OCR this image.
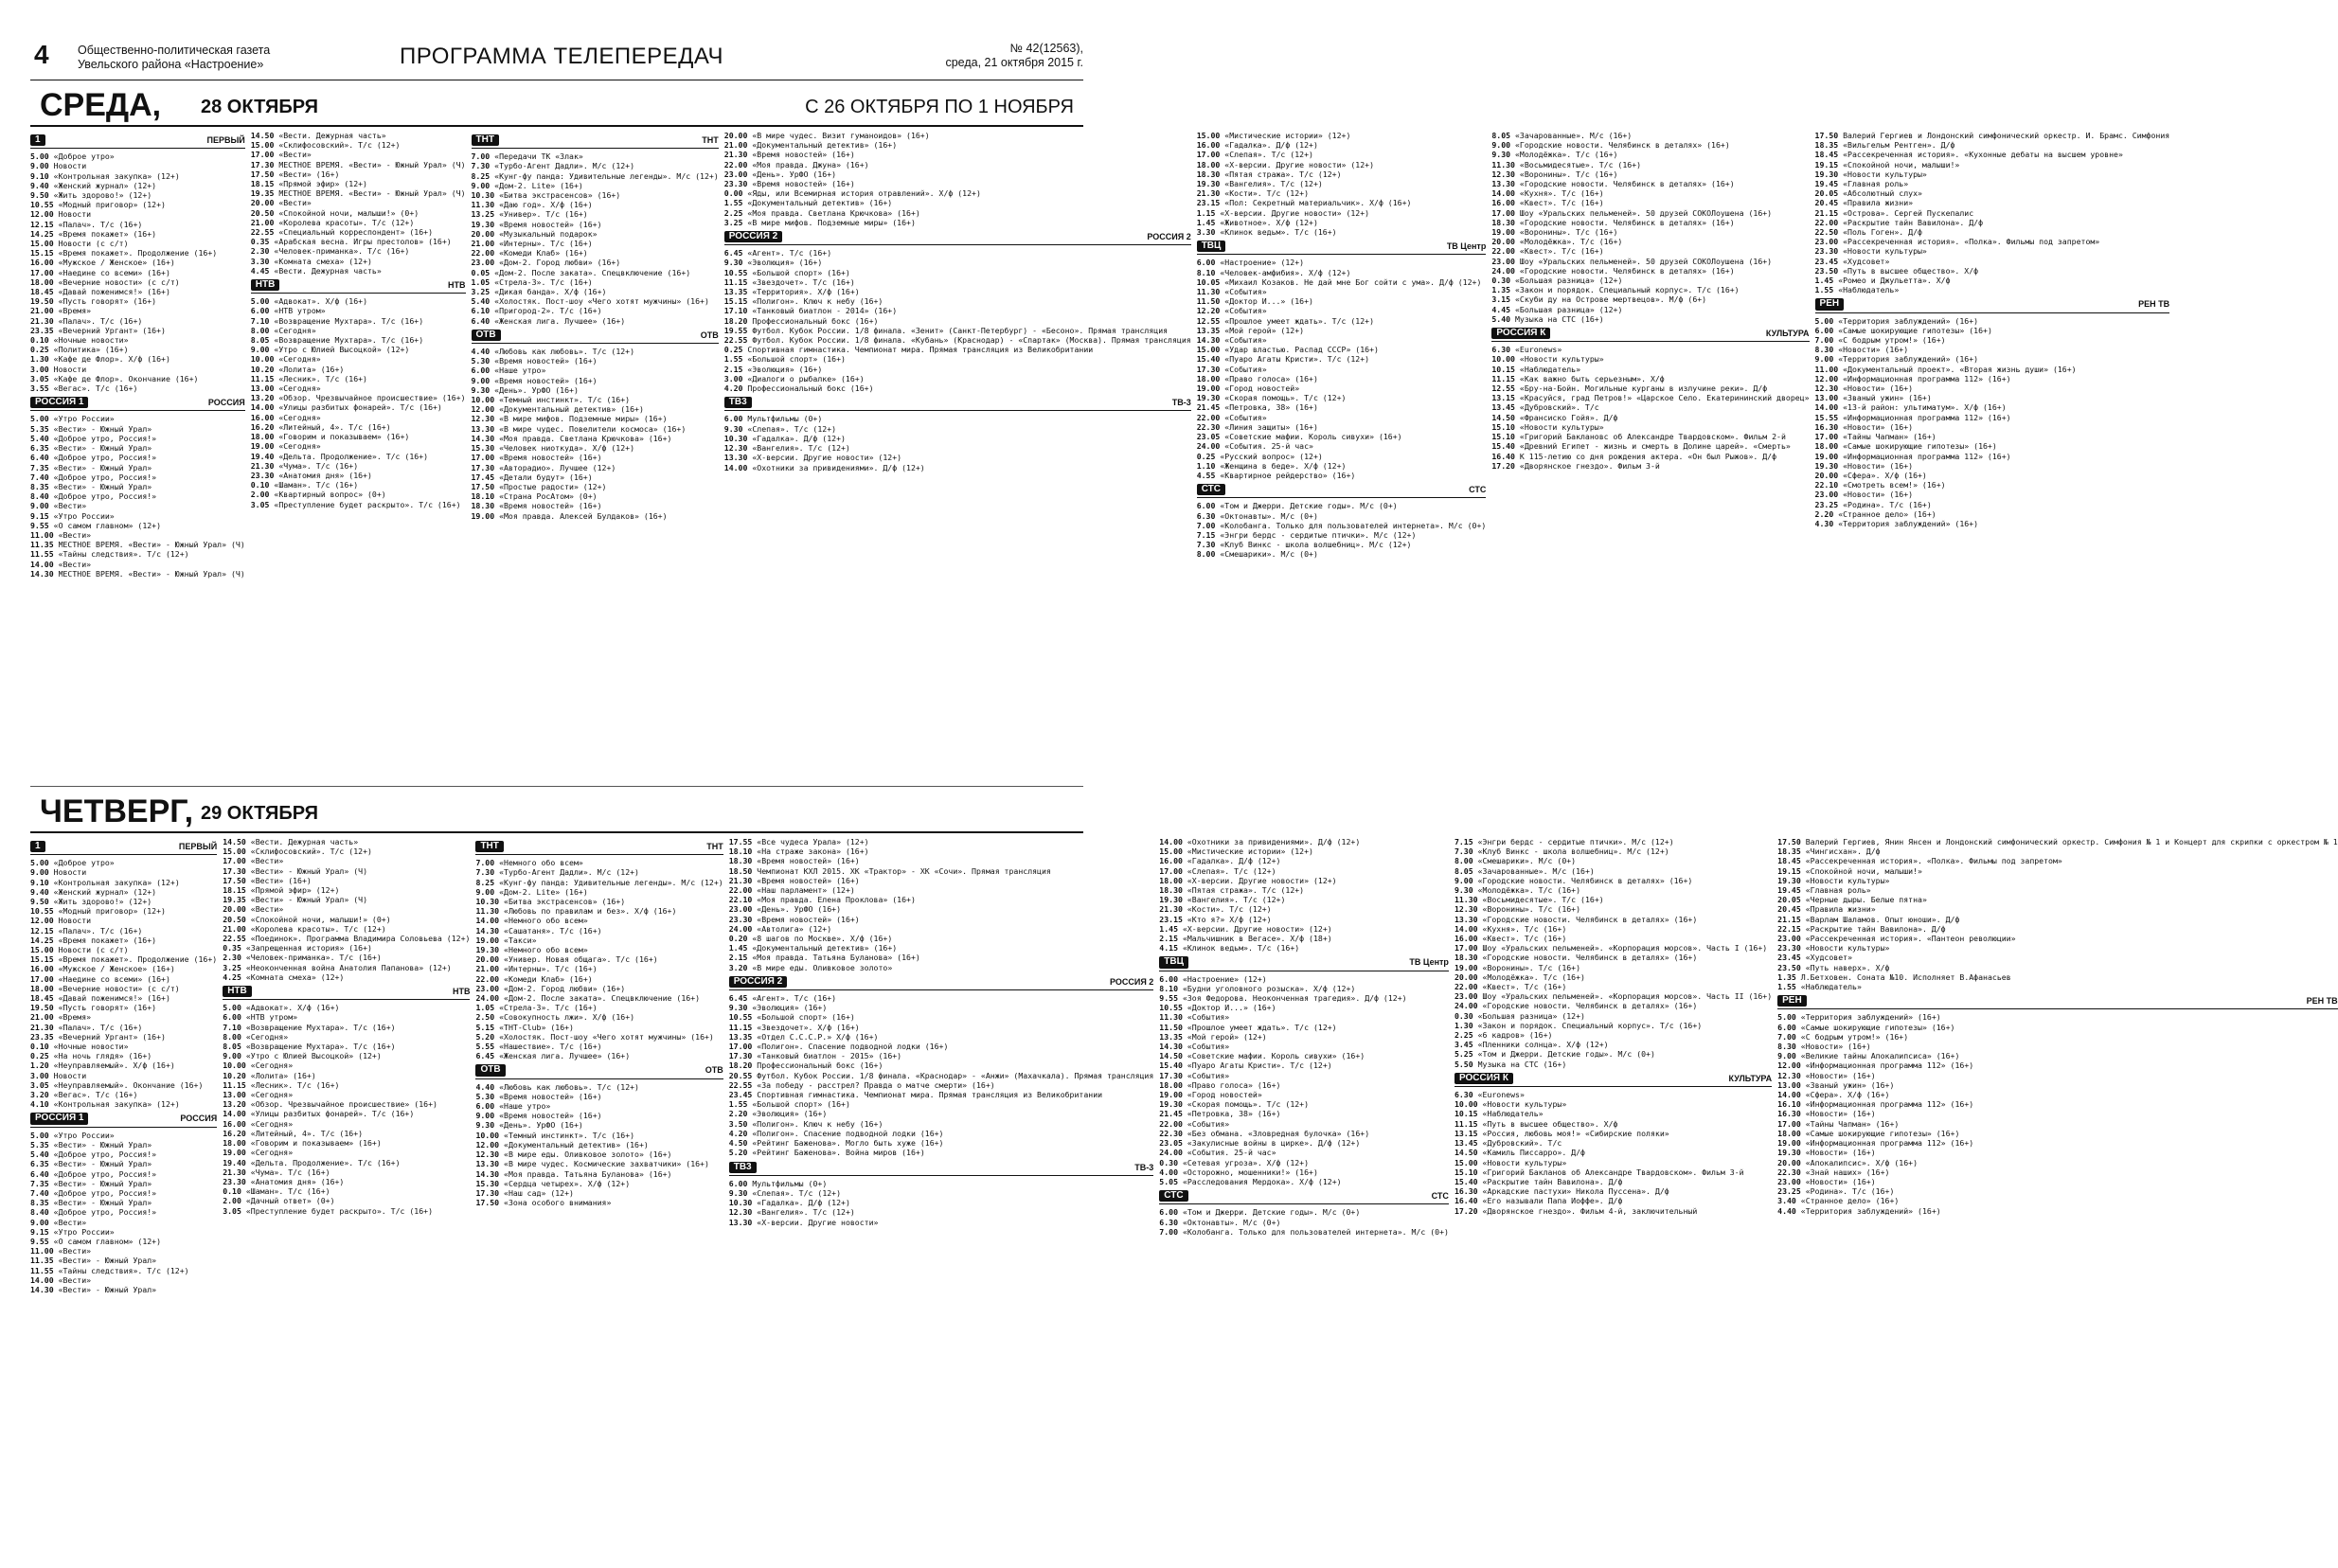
4 Общественно-политическая газета
Увельского района «Настроение»	ПРОГРАММА ТЕЛЕПЕРЕДАЧ	№ 42(12563),
среда, 21 октября 2015 г.
СРЕДА, 28 ОКТЯБРЯ	С 26 ОКТЯБРЯ ПО 1 НОЯБРЯ
1	ПЕРВЫЙ
5.00 «Доброе утро»
9.00 Новости
9.10 «Контрольная закупка» (12+)
9.40 «Женский журнал» (12+)
9.50 «Жить здорово!» (12+)
10.55 «Модный приговор» (12+)
12.00 Новости
12.15 «Палач». Т/с (16+)
14.25 «Время покажет» (16+)
15.00 Новости (с с/т)
15.15 «Время покажет». Продолжение (16+)
16.00 «Мужское / Женское» (16+)
17.00 «Наедине со всеми» (16+)
18.00 «Вечерние новости» (с с/т)
18.45 «Давай поженимся!» (16+)
19.50 «Пусть говорят» (16+)
21.00 «Время»
21.30 «Палач». Т/с (16+)
23.35 «Вечерний Ургант» (16+)
0.10 «Ночные новости»
0.25 «Политика» (16+)
1.30 «Кафе де Флор». Х/ф (16+)
3.00 Новости
3.05 «Кафе де Флор». Окончание (16+)
3.55 «Вегас». Т/с (16+)
РОССИЯ 1	РОССИЯ
5.00 «Утро России»
5.35 «Вести» - Южный Урал»
5.40 «Доброе утро, Россия!»
6.35 «Вести» - Южный Урал»
6.40 «Доброе утро, Россия!»
7.35 «Вести» - Южный Урал»
7.40 «Доброе утро, Россия!»
8.35 «Вести» - Южный Урал»
8.40 «Доброе утро, Россия!»
9.00 «Вести»
9.15 «Утро России»
9.55 «О самом главном» (12+)
11.00 «Вести»
11.35 МЕСТНОЕ ВРЕМЯ. «Вести» - Южный Урал» (Ч)
11.55 «Тайны следствия». Т/с (12+)
14.00 «Вести»
14.30 МЕСТНОЕ ВРЕМЯ. «Вести» - Южный Урал» (Ч)
14.50 «Вести. Дежурная часть»
15.00 «Склифосовский». Т/с (12+)
17.00 «Вести»
17.30 МЕСТНОЕ ВРЕМЯ. «Вести» - Южный Урал» (Ч)
17.50 «Вести» (16+)
18.15 «Прямой эфир» (12+)
19.35 МЕСТНОЕ ВРЕМЯ. «Вести» - Южный Урал» (Ч)
20.00 «Вести»
20.50 «Спокойной ночи, малыши!» (0+)
21.00 «Королева красоты». Т/с (12+)
22.55 «Специальный корреспондент» (16+)
0.35 «Арабская весна. Игры престолов» (16+)
2.30 «Человек-приманка». Т/с (16+)
3.30 «Комната смеха» (12+)
4.45 «Вести. Дежурная часть»
НТВ	НТВ
5.00 «Адвокат». Х/ф (16+)
6.00 «НТВ утром»
7.10 «Возвращение Мухтара». Т/с (16+)
8.00 «Сегодня»
8.05 «Возвращение Мухтара». Т/с (16+)
9.00 «Утро с Юлией Высоцкой» (12+)
10.00 «Сегодня»
10.20 «Лолита» (16+)
11.15 «Лесник». Т/с (16+)
13.00 «Сегодня»
13.20 «Обзор. Чрезвычайное происшествие» (16+)
14.00 «Улицы разбитых фонарей». Т/с (16+)
16.00 «Сегодня»
16.20 «Литейный, 4». Т/с (16+)
18.00 «Говорим и показываем» (16+)
19.00 «Сегодня»
19.40 «Дельта. Продолжение». Т/с (16+)
21.30 «Чума». Т/с (16+)
23.30 «Анатомия дня» (16+)
0.10 «Шаман». Т/с (16+)
2.00 «Квартирный вопрос» (0+)
3.05 «Преступление будет раскрыто». Т/с (16+)
ТНТ	ТНТ
7.00 «Передачи ТК «Злак»
7.30 «Турбо-Агент Дадли». М/с (12+)
8.25 «Кунг-фу панда: Удивительные легенды». М/с (12+)
9.00 «Дом-2. Lite» (16+)
10.30 «Битва экстрасенсов» (16+)
11.30 «Даю год». Х/ф (16+)
13.25 «Универ». Т/с (16+)
19.30 «Время новостей» (16+)
20.00 «Музыкальный подарок»
21.00 «Интерны». Т/с (16+)
22.00 «Комеди Клаб» (16+)
23.00 «Дом-2. Город любви» (16+)
0.05 «Дом-2. После заката». Спецвключение (16+)
1.05 «Стрела-3». Т/с (16+)
3.25 «Дикая банда». Х/ф (16+)
5.40 «Холостяк. Пост-шоу «Чего хотят мужчины» (16+)
6.10 «Пригород-2». Т/с (16+)
6.40 «Женская лига. Лучшее» (16+)
ОТВ	ОТВ
4.40 «Любовь как любовь». Т/с (12+)
5.30 «Время новостей» (16+)
6.00 «Наше утро»
9.00 «Время новостей» (16+)
9.30 «День». УрФО (16+)
10.00 «Темный инстинкт». Т/с (16+)
12.00 «Документальный детектив» (16+)
12.30 «В мире мифов. Подземные миры» (16+)
13.30 «В мире чудес. Повелители космоса» (16+)
14.30 «Моя правда. Светлана Крючкова» (16+)
15.30 «Человек ниоткуда». Х/ф (12+)
17.00 «Время новостей» (16+)
17.30 «Авторадио». Лучшее (12+)
17.45 «Детали будут» (16+)
17.50 «Простые радости» (12+)
18.10 «Страна РосАтом» (0+)
18.30 «Время новостей» (16+)
19.00 «Моя правда. Алексей Булдаков» (16+)
20.00 «В мире чудес. Визит гуманоидов» (16+)
21.00 «Документальный детектив» (16+)
21.30 «Время новостей» (16+)
22.00 «Моя правда. Джуна» (16+)
23.00 «День». УрФО (16+)
23.30 «Время новостей» (16+)
0.00 «Яды, или Всемирная история отравлений». Х/ф (12+)
1.55 «Документальный детектив» (16+)
2.25 «Моя правда. Светлана Крючкова» (16+)
3.25 «В мире мифов. Подземные миры» (16+)
РОССИЯ 2	РОССИЯ 2
6.45 «Агент». Т/с (16+)
9.30 «Эволюция» (16+)
10.55 «Большой спорт» (16+)
11.15 «Звездочет». Т/с (16+)
13.35 «Территория». Х/ф (16+)
15.15 «Полигон». Ключ к небу (16+)
17.10 «Танковый биатлон - 2014» (16+)
18.20 Профессиональный бокс (16+)
19.55 Футбол. Кубок России. 1/8 финала. «Зенит» (Санкт-Петербург) - «Бесоно». Прямая трансляция
22.55 Футбол. Кубок России. 1/8 финала. «Кубань» (Краснодар) - «Спартак» (Москва). Прямая трансляция
0.25 Спортивная гимнастика. Чемпионат мира. Прямая трансляция из Великобритании
1.55 «Большой спорт» (16+)
2.15 «Эволюция» (16+)
3.00 «Диалоги о рыбалке» (16+)
4.20 Профессиональный бокс (16+)
ТВ3	ТВ-3
6.00 Мультфильмы (0+)
9.30 «Слепая». Т/с (12+)
10.30 «Гадалка». Д/ф (12+)
12.30 «Вангелия». Т/с (12+)
13.30 «Х-версии. Другие новости» (12+)
14.00 «Охотники за привидениями». Д/ф (12+)
15.00 «Мистические истории» (12+)
16.00 «Гадалка». Д/ф (12+)
17.00 «Слепая». Т/с (12+)
18.00 «Х-версии. Другие новости» (12+)
18.30 «Пятая стража». Т/с (12+)
19.30 «Вангелия». Т/с (12+)
21.30 «Кости». Т/с (12+)
23.15 «Пол: Секретный материальчик». Х/ф (16+)
1.15 «Х-версии. Другие новости» (12+)
1.45 «Животное». Х/ф (12+)
3.30 «Клинок ведьм». Т/с (16+)
ТВЦ	ТВ Центр
6.00 «Настроение» (12+)
8.10 «Человек-амфибия». Х/ф (12+)
10.05 «Михаил Козаков. Не дай мне Бог сойти с ума». Д/ф (12+)
11.30 «События»
11.50 «Доктор И...» (16+)
12.20 «События»
12.55 «Прошлое умеет ждать». Т/с (12+)
13.35 «Мой герой» (12+)
14.30 «События»
15.00 «Удар властью. Распад СССР» (16+)
15.40 «Пуаро Агаты Кристи». Т/с (12+)
17.30 «События»
18.00 «Право голоса» (16+)
19.00 «Город новостей»
19.30 «Скорая помощь». Т/с (12+)
21.45 «Петровка, 38» (16+)
22.00 «События»
22.30 «Линия защиты» (16+)
23.05 «Советские мафии. Король сивухи» (16+)
24.00 «События. 25-й час»
0.25 «Русский вопрос» (12+)
1.10 «Женщина в беде». Х/ф (12+)
4.55 «Квартирное рейдерство» (16+)
СТС	СТС
6.00 «Том и Джерри. Детские годы». М/с (0+)
6.30 «Октонавты». М/с (0+)
7.00 «Колобанга. Только для пользователей интернета». М/с (0+)
7.15 «Энгри бердс - сердитые птички». М/с (12+)
7.30 «Клуб Винкс - школа волшебниц». М/с (12+)
8.00 «Смешарики». М/с (0+)
8.05 «Зачарованные». М/с (16+)
9.00 «Городские новости. Челябинск в деталях» (16+)
9.30 «Молодёжка». Т/с (16+)
11.30 «Восьмидесятые». Т/с (16+)
12.30 «Воронины». Т/с (16+)
13.30 «Городские новости. Челябинск в деталях» (16+)
14.00 «Кухня». Т/с (16+)
16.00 «Квест». Т/с (16+)
17.00 Шоу «Уральских пельменей». 50 друзей СОКОЛоушена (16+)
18.30 «Городские новости. Челябинск в деталях» (16+)
19.00 «Воронины». Т/с (16+)
20.00 «Молодёжка». Т/с (16+)
22.00 «Квест». Т/с (16+)
23.00 Шоу «Уральских пельменей». 50 друзей СОКОЛоушена (16+)
24.00 «Городские новости. Челябинск в деталях» (16+)
0.30 «Большая разница» (12+)
1.35 «Закон и порядок. Специальный корпус». Т/с (16+)
3.15 «Скуби ду на Острове мертвецов». М/ф (6+)
4.45 «Большая разница» (12+)
5.40 Музыка на СТС (16+)
РОССИЯ К	КУЛЬТУРА
6.30 «Euronews»
10.00 «Новости культуры»
10.15 «Наблюдатель»
11.15 «Как важно быть серьезным». Х/ф
12.55 «Бру-на-Бойн. Могильные курганы в излучине реки». Д/ф
13.15 «Красуйся, град Петров!» «Царское Село. Екатерининский дворец»
13.45 «Дубровский». Т/с
14.50 «Франсиско Гойя». Д/ф
15.10 «Новости культуры»
15.10 «Григорий Баклановс об Александре Твардовском». Фильм 2-й
15.40 «Древний Египет - жизнь и смерть в Долине царей». «Смерть»
16.40 К 115-летию со дня рождения актера. «Он был Рыжов». Д/ф
17.20 «Дворянское гнездо». Фильм 3-й
17.50 Валерий Гергиев и Лондонский симфонический оркестр. И. Брамс. Симфония
18.35 «Вильгельм Рентген». Д/ф
18.45 «Рассекреченная история». «Кухонные дебаты на высшем уровне»
19.15 «Спокойной ночи, малыши!»
19.30 «Новости культуры»
19.45 «Главная роль»
20.05 «Абсолютный слух»
20.45 «Правила жизни»
21.15 «Острова». Сергей Пускепалис
22.00 «Раскрытие тайн Вавилона». Д/ф
22.50 «Поль Гоген». Д/ф
23.00 «Рассекреченная история». «Полка». Фильмы под запретом»
23.30 «Новости культуры»
23.45 «Худсовет»
23.50 «Путь в высшее общество». Х/ф
1.45 «Ромео и Джульетта». Х/ф
1.55 «Наблюдатель»
РЕН	РЕН ТВ
5.00 «Территория заблуждений» (16+)
6.00 «Самые шокирующие гипотезы» (16+)
7.00 «С бодрым утром!» (16+)
8.30 «Новости» (16+)
9.00 «Территория заблуждений» (16+)
11.00 «Документальный проект». «Вторая жизнь души» (16+)
12.00 «Информационная программа 112» (16+)
12.30 «Новости» (16+)
13.00 «Званый ужин» (16+)
14.00 «13-й район: ультиматум». Х/ф (16+)
15.55 «Информационная программа 112» (16+)
16.30 «Новости» (16+)
17.00 «Тайны Чапман» (16+)
18.00 «Самые шокирующие гипотезы» (16+)
19.00 «Информационная программа 112» (16+)
19.30 «Новости» (16+)
20.00 «Сфера». Х/ф (16+)
22.10 «Смотреть всем!» (16+)
23.00 «Новости» (16+)
23.25 «Родина». Т/с (16+)
2.20 «Странное дело» (16+)
4.30 «Территория заблуждений» (16+)
ЧЕТВЕРГ, 29 ОКТЯБРЯ
1	ПЕРВЫЙ
5.00 «Доброе утро»
9.00 Новости
9.10 «Контрольная закупка» (12+)
9.40 «Женский журнал» (12+)
9.50 «Жить здорово!» (12+)
10.55 «Модный приговор» (12+)
12.00 Новости
12.15 «Палач». Т/с (16+)
14.25 «Время покажет» (16+)
15.00 Новости (с с/т)
15.15 «Время покажет». Продолжение (16+)
16.00 «Мужское / Женское» (16+)
17.00 «Наедине со всеми» (16+)
18.00 «Вечерние новости» (с с/т)
18.45 «Давай поженимся!» (16+)
19.50 «Пусть говорят» (16+)
21.00 «Время»
21.30 «Палач». Т/с (16+)
23.35 «Вечерний Ургант» (16+)
0.10 «Ночные новости»
0.25 «На ночь глядя» (16+)
1.20 «Неуправляемый». Х/ф (16+)
3.00 Новости
3.05 «Неуправляемый». Окончание (16+)
3.20 «Вегас». Т/с (16+)
4.10 «Контрольная закупка» (12+)
РОССИЯ 1	РОССИЯ
5.00 «Утро России»
5.35 «Вести» - Южный Урал»
5.40 «Доброе утро, Россия!»
6.35 «Вести» - Южный Урал»
6.40 «Доброе утро, Россия!»
7.35 «Вести» - Южный Урал»
7.40 «Доброе утро, Россия!»
8.35 «Вести» - Южный Урал»
8.40 «Доброе утро, Россия!»
9.00 «Вести»
9.15 «Утро России»
9.55 «О самом главном» (12+)
11.00 «Вести»
11.35 «Вести» - Южный Урал»
11.55 «Тайны следствия». Т/с (12+)
14.00 «Вести»
14.30 «Вести» - Южный Урал»
14.50 «Вести. Дежурная часть»
15.00 «Склифосовский». Т/с (12+)
17.00 «Вести»
17.30 «Вести» - Южный Урал» (Ч)
17.50 «Вести» (16+)
18.15 «Прямой эфир» (12+)
19.35 «Вести» - Южный Урал» (Ч)
20.00 «Вести»
20.50 «Спокойной ночи, малыши!» (0+)
21.00 «Королева красоты». Т/с (12+)
22.55 «Поединок». Программа Владимира Соловьева (12+)
0.35 «Запрещенная история» (16+)
2.30 «Человек-приманка». Т/с (16+)
3.25 «Неоконченная война Анатолия Папанова» (12+)
4.25 «Комната смеха» (12+)
НТВ	НТВ
5.00 «Адвокат». Х/ф (16+)
6.00 «НТВ утром»
7.10 «Возвращение Мухтара». Т/с (16+)
8.00 «Сегодня»
8.05 «Возвращение Мухтара». Т/с (16+)
9.00 «Утро с Юлией Высоцкой» (12+)
10.00 «Сегодня»
10.20 «Лолита» (16+)
11.15 «Лесник». Т/с (16+)
13.00 «Сегодня»
13.20 «Обзор. Чрезвычайное происшествие» (16+)
14.00 «Улицы разбитых фонарей». Т/с (16+)
16.00 «Сегодня»
16.20 «Литейный, 4». Т/с (16+)
18.00 «Говорим и показываем» (16+)
19.00 «Сегодня»
19.40 «Дельта. Продолжение». Т/с (16+)
21.30 «Чума». Т/с (16+)
23.30 «Анатомия дня» (16+)
0.10 «Шаман». Т/с (16+)
2.00 «Дачный ответ» (0+)
3.05 «Преступление будет раскрыто». Т/с (16+)
ТНТ	ТНТ
7.00 «Немного обо всем»
7.30 «Турбо-Агент Дадли». М/с (12+)
8.25 «Кунг-фу панда: Удивительные легенды». М/с (12+)
9.00 «Дом-2. Lite» (16+)
10.30 «Битва экстрасенсов» (16+)
11.30 «Любовь по правилам и без». Х/ф (16+)
14.00 «Немного обо всем»
14.30 «Сашатаня». Т/с (16+)
19.00 «Такси»
19.30 «Немного обо всем»
20.00 «Универ. Новая общага». Т/с (16+)
21.00 «Интерны». Т/с (16+)
22.00 «Комеди Клаб» (16+)
23.00 «Дом-2. Город любви» (16+)
24.00 «Дом-2. После заката». Спецвключение (16+)
1.05 «Стрела-3». Т/с (16+)
2.50 «Совокупность лжи». Х/ф (16+)
5.15 «THT-Club» (16+)
5.20 «Холостяк. Пост-шоу «Чего хотят мужчины» (16+)
5.55 «Нашествие». Т/с (16+)
6.45 «Женская лига. Лучшее» (16+)
ОТВ	ОТВ
4.40 «Любовь как любовь». Т/с (12+)
5.30 «Время новостей» (16+)
6.00 «Наше утро»
9.00 «Время новостей» (16+)
9.30 «День». УрФО (16+)
10.00 «Темный инстинкт». Т/с (16+)
12.00 «Документальный детектив» (16+)
12.30 «В мире еды. Оливковое золото» (16+)
13.30 «В мире чудес. Космические захватчики» (16+)
14.30 «Моя правда. Татьяна Буланова» (16+)
15.30 «Сердца четырех». Х/ф (12+)
17.30 «Наш сад» (12+)
17.50 «Зона особого внимания»
17.55 «Все чудеса Урала» (12+)
18.10 «На страже закона» (16+)
18.30 «Время новостей» (16+)
18.50 Чемпионат КХЛ 2015. ХК «Трактор» - ХК «Сочи». Прямая трансляция
21.30 «Время новостей» (16+)
22.00 «Наш парламент» (12+)
22.10 «Моя правда. Елена Проклова» (16+)
23.00 «День». УрФО (16+)
23.30 «Время новостей» (16+)
24.00 «Автолига» (12+)
0.20 «8 шагов по Москве». Х/ф (16+)
1.45 «Документальный детектив» (16+)
2.15 «Моя правда. Татьяна Буланова» (16+)
3.20 «В мире еды. Оливковое золото»
РОССИЯ 2	РОССИЯ 2
6.45 «Агент». Т/с (16+)
9.30 «Эволюция» (16+)
10.55 «Большой спорт» (16+)
11.15 «Звездочет». Х/ф (16+)
13.35 «Отдел С.С.С.Р.» Х/ф (16+)
17.00 «Полигон». Спасение подводной лодки (16+)
17.30 «Танковый биатлон - 2015» (16+)
18.20 Профессиональный бокс (16+)
20.55 Футбол. Кубок России. 1/8 финала. «Краснодар» - «Анжи» (Махачкала). Прямая трансляция
22.55 «За победу - расстрел? Правда о матче смерти» (16+)
23.45 Спортивная гимнастика. Чемпионат мира. Прямая трансляция из Великобритании
1.55 «Большой спорт» (16+)
2.20 «Эволюция» (16+)
3.50 «Полигон». Ключ к небу (16+)
4.20 «Полигон». Спасение подводной лодки (16+)
4.50 «Рейтинг Баженова». Могло быть хуже (16+)
5.20 «Рейтинг Баженова». Война миров (16+)
ТВ3	ТВ-3
6.00 Мультфильмы (0+)
9.30 «Слепая». Т/с (12+)
10.30 «Гадалка». Д/ф (12+)
12.30 «Вангелия». Т/с (12+)
13.30 «Х-версии. Другие новости»
14.00 «Охотники за привидениями». Д/ф (12+)
15.00 «Мистические истории» (12+)
16.00 «Гадалка». Д/ф (12+)
17.00 «Слепая». Т/с (12+)
18.00 «Х-версии. Другие новости» (12+)
18.30 «Пятая стража». Т/с (12+)
19.30 «Вангелия». Т/с (12+)
21.30 «Кости». Т/с (12+)
23.15 «Кто я?» Х/ф (12+)
1.45 «Х-версии. Другие новости» (12+)
2.15 «Мальчишник в Вегасе». Х/ф (18+)
4.15 «Клинок ведьм». Т/с (16+)
ТВЦ	ТВ Центр
6.00 «Настроение» (12+)
8.10 «Будни уголовного розыска». Х/ф (12+)
9.55 «Зоя Федорова. Неоконченная трагедия». Д/ф (12+)
10.55 «Доктор И...» (16+)
11.30 «События»
11.50 «Прошлое умеет ждать». Т/с (12+)
13.35 «Мой герой» (12+)
14.30 «События»
14.50 «Советские мафии. Король сивухи» (16+)
15.40 «Пуаро Агаты Кристи». Т/с (12+)
17.30 «События»
18.00 «Право голоса» (16+)
19.00 «Город новостей»
19.30 «Скорая помощь». Т/с (12+)
21.45 «Петровка, 38» (16+)
22.00 «События»
22.30 «Без обмана. «Зловредная булочка» (16+)
23.05 «Закулисные войны в цирке». Д/ф (12+)
24.00 «События. 25-й час»
0.30 «Сетевая угроза». Х/ф (12+)
4.00 «Осторожно, мошенники!» (16+)
5.05 «Расследования Мердока». Х/ф (12+)
СТС	СТС
6.00 «Том и Джерри. Детские годы». М/с (0+)
6.30 «Октонавты». М/с (0+)
7.00 «Колобанга. Только для пользователей интернета». М/с (0+)
7.15 «Энгри бердс - сердитые птички». М/с (12+)
7.30 «Клуб Винкс - школа волшебниц». М/с (12+)
8.00 «Смешарики». М/с (0+)
8.05 «Зачарованные». М/с (16+)
9.00 «Городские новости. Челябинск в деталях» (16+)
9.30 «Молодёжка». Т/с (16+)
11.30 «Восьмидесятые». Т/с (16+)
12.30 «Воронины». Т/с (16+)
13.30 «Городские новости. Челябинск в деталях» (16+)
14.00 «Кухня». Т/с (16+)
16.00 «Квест». Т/с (16+)
17.00 Шоу «Уральских пельменей». «Корпорация морсов». Часть I (16+)
18.30 «Городские новости. Челябинск в деталях» (16+)
19.00 «Воронины». Т/с (16+)
20.00 «Молодёжка». Т/с (16+)
22.00 «Квест». Т/с (16+)
23.00 Шоу «Уральских пельменей». «Корпорация морсов». Часть II (16+)
24.00 «Городские новости. Челябинск в деталях» (16+)
0.30 «Большая разница» (12+)
1.30 «Закон и порядок. Специальный корпус». Т/с (16+)
2.25 «6 кадров» (16+)
3.45 «Пленники солнца». Х/ф (12+)
5.25 «Том и Джерри. Детские годы». М/с (0+)
5.50 Музыка на СТС (16+)
РОССИЯ К	КУЛЬТУРА
6.30 «Euronews»
10.00 «Новости культуры»
10.15 «Наблюдатель»
11.15 «Путь в высшее общество». Х/ф
13.15 «Россия, любовь моя!» «Сибирские поляки»
13.45 «Дубровский». Т/с
14.50 «Камиль Писсарро». Д/ф
15.00 «Новости культуры»
15.10 «Григорий Бакланов об Александре Твардовском». Фильм 3-й
15.40 «Раскрытие тайн Вавилона». Д/ф
16.30 «Аркадские пастухи» Никола Пуссена». Д/ф
16.40 «Его называли Папа Иоффе». Д/ф
17.20 «Дворянское гнездо». Фильм 4-й, заключительный
17.50 Валерий Гергиев, Янин Янсен и Лондонский симфонический оркестр. Симфония № 1 и Концерт для скрипки с оркестром № 1
18.35 «Чингисхан». Д/ф
18.45 «Рассекреченная история». «Полка». Фильмы под запретом»
19.15 «Спокойной ночи, малыши!»
19.30 «Новости культуры»
19.45 «Главная роль»
20.05 «Черные дыры. Белые пятна»
20.45 «Правила жизни»
21.15 «Варлам Шаламов. Опыт юноши». Д/ф
22.15 «Раскрытие тайн Вавилона». Д/ф
23.00 «Рассекреченная история». «Пантеон революции»
23.30 «Новости культуры»
23.45 «Худсовет»
23.50 «Путь наверх». Х/ф
1.35 Л.Бетховен. Соната №10. Исполняет В.Афанасьев
1.55 «Наблюдатель»
РЕН	РЕН ТВ
5.00 «Территория заблуждений» (16+)
6.00 «Самые шокирующие гипотезы» (16+)
7.00 «С бодрым утром!» (16+)
8.30 «Новости» (16+)
9.00 «Великие тайны Апокалипсиса» (16+)
12.00 «Информационная программа 112» (16+)
12.30 «Новости» (16+)
13.00 «Званый ужин» (16+)
14.00 «Сфера». Х/ф (16+)
16.10 «Информационная программа 112» (16+)
16.30 «Новости» (16+)
17.00 «Тайны Чапман» (16+)
18.00 «Самые шокирующие гипотезы» (16+)
19.00 «Информационная программа 112» (16+)
19.30 «Новости» (16+)
20.00 «Апокалипсис». Х/ф (16+)
22.30 «Знай наших» (16+)
23.00 «Новости» (16+)
23.25 «Родина». Т/с (16+)
3.40 «Странное дело» (16+)
4.40 «Территория заблуждений» (16+)
